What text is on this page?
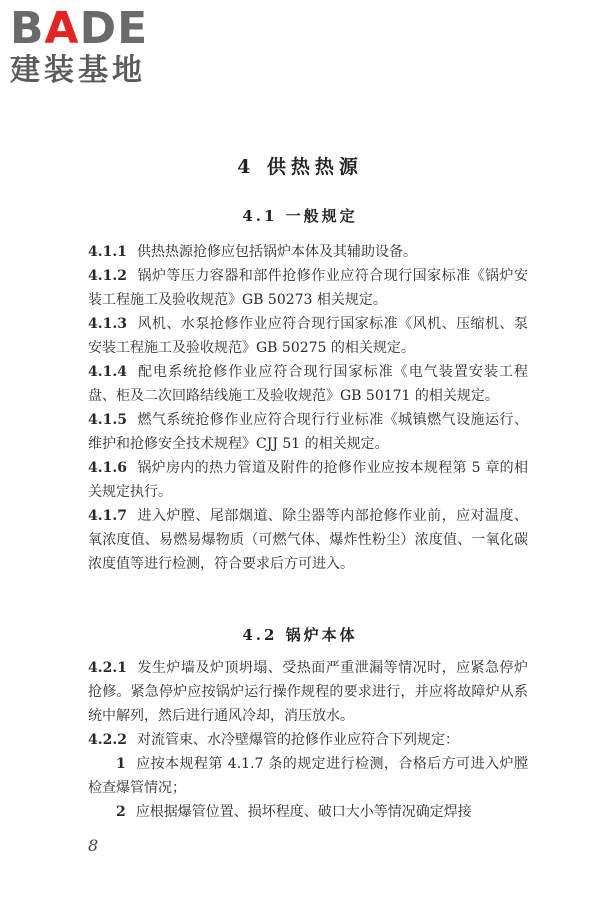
BADE
建装基地
4 供热热源
4.1 一般规定

4.1.1 供热热源抢修应包括锅炉本体及其辅助设备。

4.1.2 锅炉等压力容器和部件抢修作业应符合现行国家标准《锅炉安装工程施工及验收规范》GB 50273 相关规定。

4.1.3 风机、水泵抢修作业应符合现行国家标准《风机、压缩机、泵安装工程施工及验收规范》GB 50275 的相关规定。

4.1.4 配电系统抢修作业应符合现行国家标准《电气装置安装工程 盘、柜及二次回路结线施工及验收规范》GB 50171 的相关规定。

4.1.5 燃气系统抢修作业应符合现行行业标准《城镇燃气设施运行、维护和抢修安全技术规程》CJJ 51 的相关规定。

4.1.6 锅炉房内的热力管道及附件的抢修作业应按本规程第 5 章的相关规定执行。

4.1.7 进入炉膛、尾部烟道、除尘器等内部抢修作业前，应对温度、氧浓度值、易燃易爆物质（可燃气体、爆炸性粉尘）浓度值、一氧化碳浓度值等进行检测，符合要求后方可进入。

4.2 锅炉本体

4.2.1 发生炉墙及炉顶坍塌、受热面严重泄漏等情况时，应紧急停炉抢修。紧急停炉应按锅炉运行操作规程的要求进行，并应将故障炉从系统中解列，然后进行通风冷却，消压放水。

4.2.2 对流管束、水冷壁爆管的抢修作业应符合下列规定：

1 应按本规程第 4.1.7 条的规定进行检测，合格后方可进入炉膛检查爆管情况；

2 应根据爆管位置、损坏程度、破口大小等情况确定焊接

8
